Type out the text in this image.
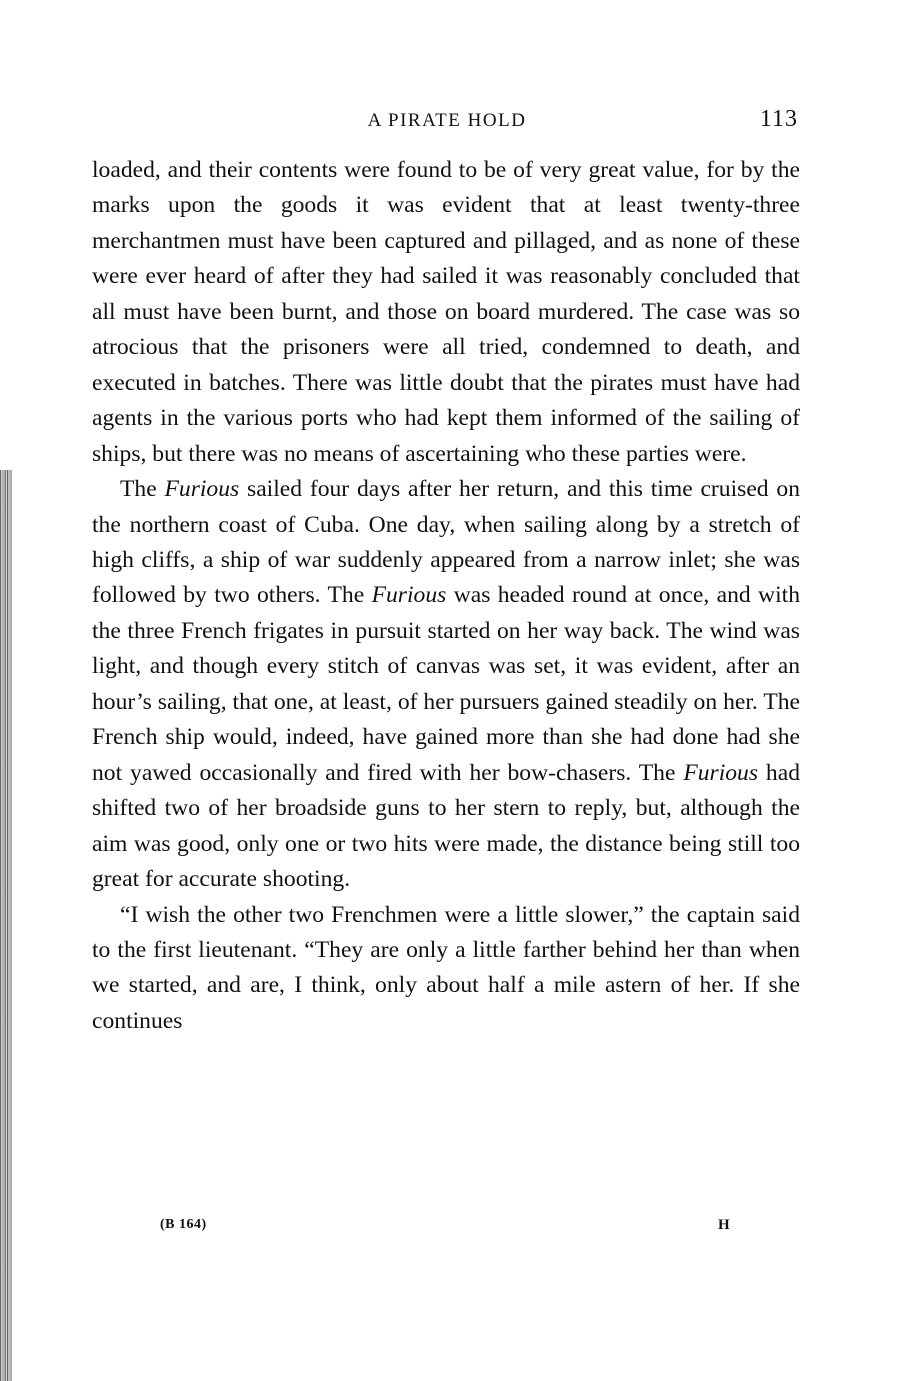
A PIRATE HOLD	113

loaded, and their contents were found to be of very great value, for by the marks upon the goods it was evident that at least twenty-three merchantmen must have been captured and pillaged, and as none of these were ever heard of after they had sailed it was reasonably concluded that all must have been burnt, and those on board murdered. The case was so atrocious that the prisoners were all tried, condemned to death, and executed in batches. There was little doubt that the pirates must have had agents in the various ports who had kept them informed of the sailing of ships, but there was no means of ascertaining who these parties were.

The Furious sailed four days after her return, and this time cruised on the northern coast of Cuba. One day, when sailing along by a stretch of high cliffs, a ship of war suddenly appeared from a narrow inlet; she was followed by two others. The Furious was headed round at once, and with the three French frigates in pursuit started on her way back. The wind was light, and though every stitch of canvas was set, it was evident, after an hour’s sailing, that one, at least, of her pursuers gained steadily on her. The French ship would, indeed, have gained more than she had done had she not yawed occasionally and fired with her bow-chasers. The Furious had shifted two of her broadside guns to her stern to reply, but, although the aim was good, only one or two hits were made, the distance being still too great for accurate shooting.

“I wish the other two Frenchmen were a little slower,” the captain said to the first lieutenant. “They are only a little farther behind her than when we started, and are, I think, only about half a mile astern of her. If she continues

(B 164)	H
